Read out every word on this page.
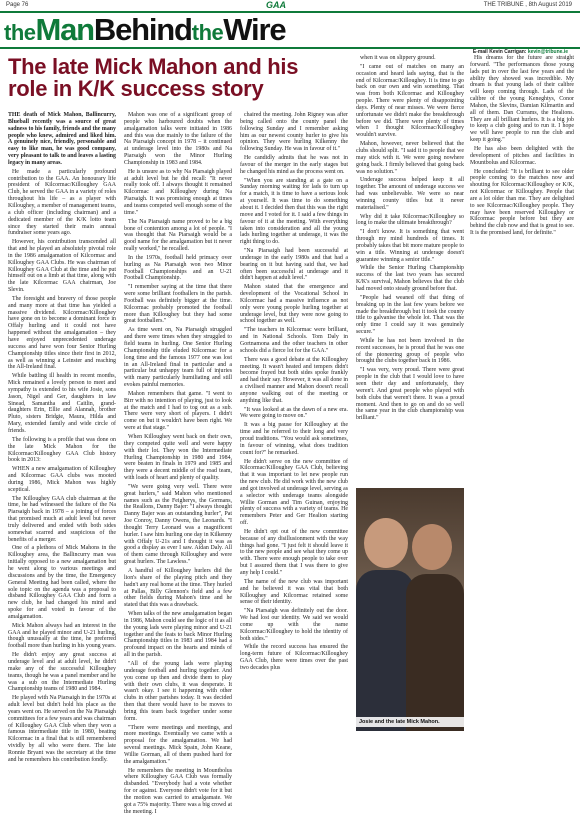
Page 76	GAA	THE TRIBUNE , 8th August 2019
theManBehindtheWire
E-mail Kevin Carrigan: kevin@tribune.ie
The late Mick Mahon and his role in K/K success story

THE death of Mick Mahon, Ballincurry, Blueball recently was a source of great sadness to his family, friends and the many people who knew, admired and liked him. A genuinely nice, friendly, personable and easy to like man, he was good company, very pleasant to talk to and leaves a lasting legacy in many areas.

He made a particularly profound contribution to the GAA. An honourary life president of Kilcormac/Killoughey GAA Club, he served the GAA in a variety of roles throughout his life – as a player with Killoughey, a member of management teams, a club officer (including chairman) and a dedicated member of the K/K lotto team since they started their main annual fundraiser some years ago.

However, his contribution transcended all that and he played an absolutely pivotal role in the 1986 amalgamation of Kilcormac and Killoughey GAA Clubs. He was chairman of Killoughey GAA Club at the time and he put himself out on a limb at that time, along with the late Kilcormac GAA chairman, Joe Slevin.

The foresight and bravery of those people and many more at that time has yielded a massive dividend. Kilcormac/Killoughey have gone on to become a dominant force in Offaly hurling and it could not have happened without the amalgamation – they have enjoyed unprecedented underage success and have won four Senior Hurling Championship titles since their first in 2012, as well as winning a Leinster and reaching the All-Ireland final.

While battling ill health in recent months, Mick remained a lovely person to meet and sympathy is extended to his wife Josie, sons Jason, Nigel and Ger, daughters in law Sinead, Samantha and Caitlin, grand-daughters Erin, Ellie and Alannah, brother Pluto, sisters Bridgie, Maura, Hilda and Mary, extended family and wide circle of friends.

The following is a profile that was done on the late Mick Mahon for the Kilcormac/Killoughey GAA Club history book in 2013:

WHEN a new amalgamation of Killoughey and Kilcormac GAA clubs was mooted during 1986, Mick Mahon was highly sceptical.

The Killoughey GAA club chairman at the time, he had witnessed the failure of the Na Piarsaigh back in 1978 – a joining of forces that promised much at adult level but never truly delivered and ended with both sides somewhat scarred and suspicious of the benefits of a merger.

One of a plethora of Mick Mahons in the Killoughey area, the Ballincurry man was initially opposed to a new amalgamation but he went along to various meetings and discussions and by the time, the Emergency General Meeting had been called, where the sole topic on the agenda was a proposal to disband Killoughey GAA Club and form a new club, he had changed his mind and spoke for and voted in favour of the amalgamation.

Mick Mahon always had an interest in the GAA and he played minor and U-21 hurling, though unusually at the time, he preferred football more than hurling in his young years.

He didn't enjoy any great success at underage level and at adult level, he didn't make any of the successful Killoughey teams, though he was a panel member and he was a sub on the Intermediate Hurling Championship teams of 1980 and 1984.

He played with Na Piarsaigh in the 1970s at adult level but didn't hold his place as the years went on. He served on the Na Piarsaigh committees for a few years and was chairman of Killoughey GAA Club when they won a famous intermediate title in 1980, beating Kilcormac in a final that is still remembered vividly by all who were there. The late Ronnie Bryant was the secretary at the time and he remembers his contribution fondly.

Mahon was one of a significant group of people who harboured doubts when the amalgamation talks were initiated in 1986 and this was due mainly to the failure of the Na Piarsaigh concept in 1978 – it continued at underage level into the 1980s and Na Piarsaigh won the Minor Hurling Championship in 1983 and 1984.

He is unsure as to why Na Piarsaigh played at adult level but he did recall: "It never really took off. I always thought it remained Kilcormac and Killoughey during Na Piarsaigh. It was promising enough at times and teams competed well enough some of the time."

The Na Piarsaigh name proved to be a big bone of contention among a lot of people. "I was thought that Na Piarsaigh would be a good name for the amalgamation but it never really worked," he recalled.

In the 1970s, football held primacy over hurling as Na Piarsaigh won two Minor Football Championships and an U-21 Football Championship.

"I remember saying at the time that there were some brilliant footballers in the parish. Football was definitely bigger at the time. Kilcormac probably promoted the football more than Killoughey but they had some great footballers."

As time went on, Na Piarsaigh struggled and there were times when they struggled to field teams in hurling. One Senior Hurling Championship title eluded Kilcormac for a long time and the famous 1977 one was lost in an All-Ireland final in particular and a particular but unhappy team full of injuries with many particularly humiliating and still evokes painful memories.

Mahon remembers that game. "I went to Birr with no intention of playing, just to look at the match and I had to tog out as a sub. There were very short of players. I didn't come on but it wouldn't have been right. We were at that stage."

When Killoughey went back on their own, they competed quite well and were happy with their lot. They won the Intermediate Hurling Championship in 1980 and 1984, were beaten in finals in 1979 and 1985 and they were a decent middle of the road team, with loads of heart and plenty of quality.

"We were going very well. There were great hurlers," said Mahon who mentioned names such as the Feigherys, the Gormans, the Reallons, Danny Bajer: "I always thought Danny Bajer was an outstanding hurler", Pat Joe Conroy, Danny Owens, the Leonards. "I thought Terry Leonard was a magnificent hurler. I saw him hurling one day in Kilkenny with Offaly U-21s and I thought it was as good a display as ever I saw. Aidan Daly. All of them came through Killoughey and were great hurlers. The Lawless."

A handful of Killoughey hurlers did the lion's share of the playing pitch and they hadn't any real home at the time. They hurled at Pallas, Billy Glennon's field and a few other fields during Mahon's time and he stated that this was a drawback.

When talks of the new amalgamation began in 1986, Mahon could see the logic of it as all the young lads were playing minor and U-21 together and the feats to back Minor Hurling Championship titles in 1983 and 1984 had a profound impact on the hearts and minds of all in the parish.

"All of the young lads were playing underage football and hurling together. And you come up then and divide them to play with their own clubs, it was desperate. It wasn't okay. I see it happening with other clubs in other parishes today. It was decided then that there would have to be moves to bring this team back together under some form.

"There were meetings and meetings, and more meetings. Eventually we came with a proposal for the amalgamation. We had several meetings. Mick Spain, John Keane, Willie Gorman, all of them pushed hard for the amalgamation."

He remembers the meeting in Mountbolus where Killoughey GAA Club was formally disbanded. "Everybody had a vote whether for or against. Everyone didn't vote for it but the motion was carried to amalgamate. We got a 75% majority. There was a big crowd at the meeting. I

chaired the meeting. John Rigney was after being called onto the county panel the following Sunday and I remember asking him as our newest county hurler to give his opinion. They were hurling Kilkenny the following Sunday. He was in favour of it."

He candidly admits that he was not in favour of the merger in the early stages but he changed his mind as the process went on.

"When you are standing at a gate on a Sunday morning waiting for lads to turn up for a match, it is time to have a serious look at yourself. It was time to do something about it. I decided then that this was the right move and I voted for it. I said a few things in favour of it at the meeting. With everything taken into consideration and all the young lads hurling together at underage, it was the right thing to do.

"Na Piarsaigh had been successful at underage in the early 1980s and that had a bearing on it but having said that, we had often been successful at underage and it didn't happen at adult level."

Mahon stated that the emergence and development of the Vocational School in Kilcormac had a massive influence as not only were young people hurling together at underage level, but they were now going to school together as well.

"The teachers in Kilcormac were brilliant, and in National Schools. Tom Daly in Gortnamona and the other teachers in other schools did a fierce lot for the GAA."

There was a good debate at the Killoughey meeting. It wasn't heated and tempers didn't become frayed but both sides spoke frankly and had their say. However, it was all done in a civilised manner and Mahon doesn't recall anyone walking out of the meeting or anything like that.

"It was looked at as the dawn of a new era. We were going to move on."

It was a big pause for Killoughey at the time and he referred to their long and very proud traditions. "You would ask sometimes, in favour of winning, what does tradition count for?" he remarked.

He didn't serve on the new committee of Kilcormac/Killoughey GAA Club, believing that it was important to let new people run the new club. He did work with the new club and got involved at underage level, serving as a selector with underage teams alongside Willie Gorman and Tim Guinan, enjoying plenty of success with a variety of teams. He remembers Peter and Ger Healion starting off.

He didn't opt out of the new committee because of any disillusionment with the way things had gone. "I just felt it should leave it to the new people and see what they come up with. There were enough people to take over but I assured them that I was there to give any help I could."

The name of the new club was important and he believed it was vital that both Killoughey and Kilcormac retained some sense of their identity.

"Na Piarsaigh was definitely out the door. We had lost our identity. We said we would come up with the name Kilcormac/Killoughey to hold the identity of both sides."

While the record success has ensured the long-term future of Kilcormac/Killoughey GAA Club, there were times over the past two decades plus

when it was on slippery ground.

"I came out of matches on many an occasion and heard lads saying, that is the end of Kilcormac/Killoughey. It is time to go back on our own and win something. That was from both Kilcormac and Killoughey people. There were plenty of disappointing days. Plenty of near misses. We were fierce unfortunate we didn't make the breakthrough before we did. There were plenty of times when I thought Kilcormac/Killoughey wouldn't survive.

Mahon, however, never believed that the clubs should split. "I said it to people that we may stick with it. We were going nowhere going back. I firmly believed that going back was no solution."

Underage success helped keep it all together. The amount of underage success we had was unbelievable. We were so near winning county titles but it never materialised."

Why did it take Kilcormac/Killoughey so long to make the ultimate breakthrough?

"I don't know. It is something that went through my mind hundreds of times. It probably takes that bit more mature people to win a title. Winning at underage doesn't guarantee winning a senior title."

While the Senior Hurling Championship success of the last two years has secured K/K's survival, Mahon believes that the club had moved onto steady ground before that.

"People had weaned off that thing of breaking up in the last few years before we made the breakthrough but it took the county title to galvanise the whole lot. That was the only time I could say it was genuinely secure."

While he has not been involved in the recent successes, he is proud that he was one of the pioneering group of people who brought the clubs together back in 1986.

"I was very, very proud. There were great people in the club that I would love to have seen their day and unfortunately, they weren't. And great people who played with both clubs that weren't there. It was a proud moment. And then to go on and do so well the same year in the club championship was brilliant."

His dreams for the future are straight forward. "The performances those young lads put in over the last few years and the ability they showed was incredible. My dream is that young lads of their calibre will keep coming through. Lads of the calibre of the young Keneghtys, Conor Mahon, the Slevins, Damian Kilmartin and all of them. Dan Currams, the Healions. They are all brilliant hurlers. It is a big job to keep a club going and to run it. I hope we will have people to run the club and keep it going."

He has also been delighted with the development of pitches and facilities in Mountbolus and Kilcormac.

He concluded: "It is brilliant to see older people coming to the matches now and shouting for Kilcormac/Killoughey or K/K, not Kilcormac or Killoughey. People that are a lot older than me. They are delighted to see Kilcormac/Killoughey people. They may have been reserved Killoughey or Kilcormac people before but they are behind the club now and that is great to see. It is the promised land, for definite."

Josie and the late Mick Mahon.
